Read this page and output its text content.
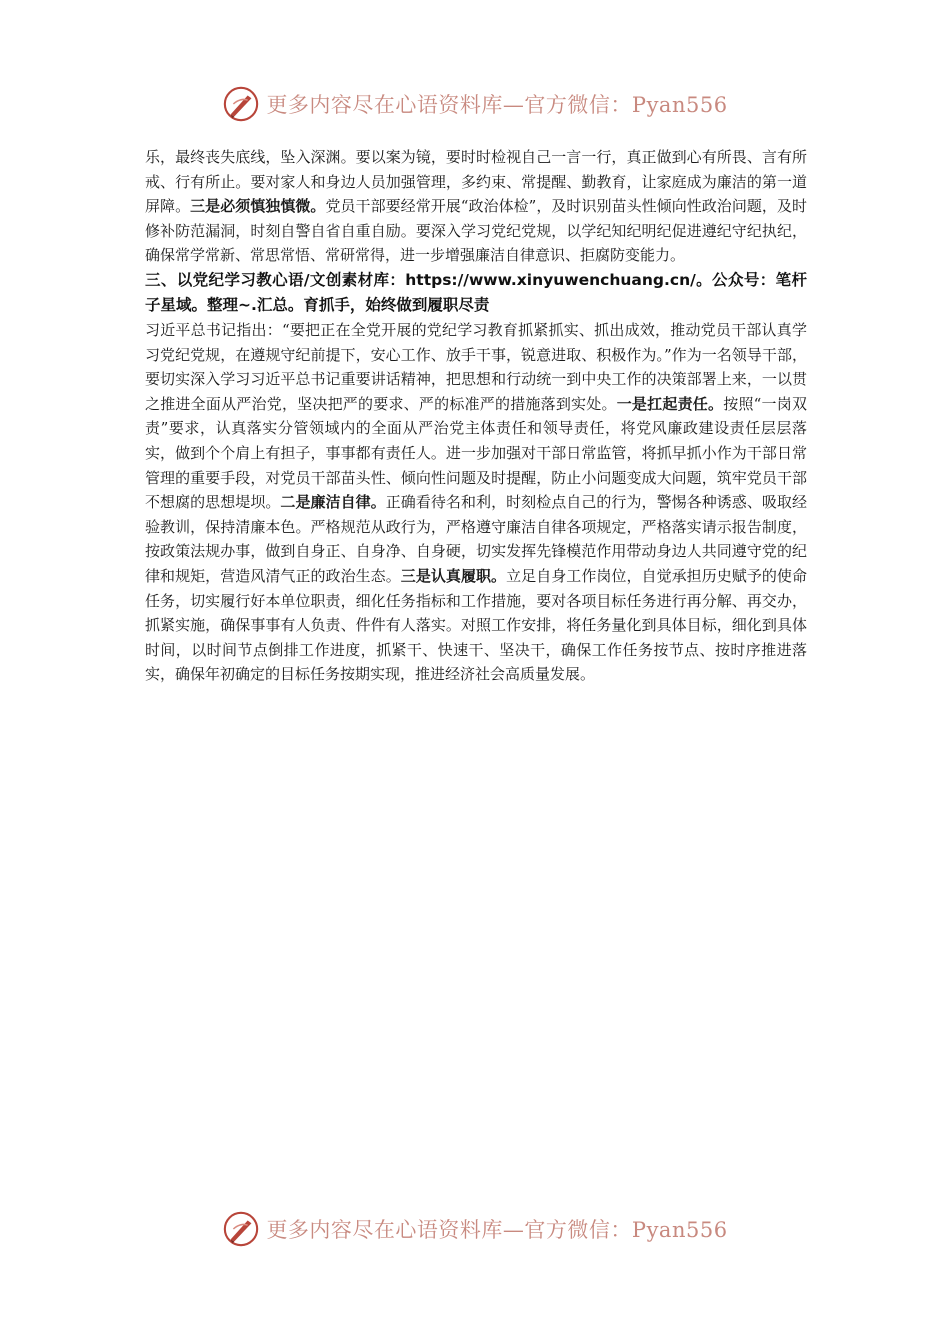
更多内容尽在心语资料库—官方微信：Pyan556

乐，最终丧失底线，坠入深渊。要以案为镜，要时时检视自己一言一行，真正做到心有所畏、言有所戒、行有所止。要对家人和身边人员加强管理，多约束、常提醒、勤教育，让家庭成为廉洁的第一道屏障。三是必须慎独慎微。党员干部要经常开展“政治体检”，及时识别苗头性倾向性政治问题，及时修补防范漏洞，时刻自警自省自重自励。要深入学习党纪党规，以学纪知纪明纪促进遵纪守纪执纪，确保常学常新、常思常悟、常研常得，进一步增强廉洁自律意识、拒腐防变能力。

三、以党纪学习教心语/文创素材库：https://www.xinyuwenchuang.cn/。公众号：笔杆子星域。整理~.汇总。育抓手，始终做到履职尽责

习近平总书记指出：“要把正在全党开展的党纪学习教育抓紧抓实、抓出成效，推动党员干部认真学习党纪党规，在遵规守纪前提下，安心工作、放手干事，锐意进取、积极作为。”作为一名领导干部，要切实深入学习习近平总书记重要讲话精神，把思想和行动统一到中央工作的决策部署上来，一以贯之推进全面从严治党，坚决把严的要求、严的标准严的措施落到实处。一是扛起责任。按照“一岗双责”要求，认真落实分管领域内的全面从严治党主体责任和领导责任，将党风廉政建设责任层层落实，做到个个肩上有担子，事事都有责任人。进一步加强对干部日常监管，将抓早抓小作为干部日常管理的重要手段，对党员干部苗头性、倾向性问题及时提醒，防止小问题变成大问题，筑牢党员干部不想腐的思想堤坝。二是廉洁自律。正确看待名和利，时刻检点自己的行为，警惕各种诱惑、吸取经验教训，保持清廉本色。严格规范从政行为，严格遵守廉洁自律各项规定，严格落实请示报告制度，按政策法规办事，做到自身正、自身净、自身硬，切实发挥先锋模范作用带动身边人共同遵守党的纪律和规矩，营造风清气正的政治生态。三是认真履职。立足自身工作岗位，自觉承担历史赋予的使命任务，切实履行好本单位职责，细化任务指标和工作措施，要对各项目标任务进行再分解、再交办，抓紧实施，确保事事有人负责、件件有人落实。对照工作安排，将任务量化到具体目标，细化到具体时间，以时间节点倒排工作进度，抓紧干、快速干、坚决干，确保工作任务按节点、按时序推进落实，确保年初确定的目标任务按期实现，推进经济社会高质量发展。

更多内容尽在心语资料库—官方微信：Pyan556
